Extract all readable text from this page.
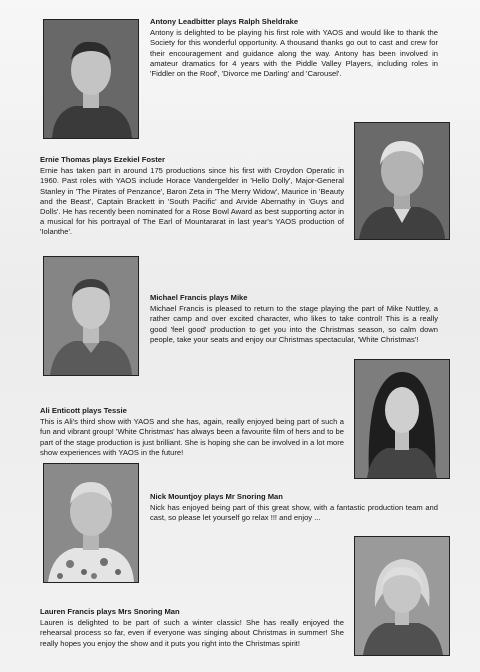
Antony Leadbitter plays Ralph Sheldrake
Antony is delighted to be playing his first role with YAOS and would like to thank the Society for this wonderful opportunity. A thousand thanks go out to cast and crew for their encouragement and guidance along the way. Antony has been involved in amateur dramatics for 4 years with the Piddle Valley Players, including roles in 'Fiddler on the Roof', 'Divorce me Darling' and 'Carousel'.
Ernie Thomas plays Ezekiel Foster
Ernie has taken part in around 175 productions since his first with Croydon Operatic in 1960. Past roles with YAOS include Horace Vandergelder in 'Hello Dolly', Major-General Stanley in 'The Pirates of Penzance', Baron Zeta in 'The Merry Widow', Maurice in 'Beauty and the Beast', Captain Brackett in 'South Pacific' and Arvide Abernathy in 'Guys and Dolls'. He has recently been nominated for a Rose Bowl Award as best supporting actor in a musical for his portrayal of The Earl of Mountararat in last year's YAOS production of 'Iolanthe'.
Michael Francis plays Mike
Michael Francis is pleased to return to the stage playing the part of Mike Nuttley, a rather camp and over excited character, who likes to take control! This is a really good 'feel good' production to get you into the Christmas season, so calm down people, take your seats and enjoy our Christmas spectacular, 'White Christmas'!
Ali Enticott plays Tessie
This is Ali's third show with YAOS and she has, again, really enjoyed being part of such a fun and vibrant group! 'White Christmas' has always been a favourite film of hers and to be part of the stage production is just brilliant. She is hoping she can be involved in a lot more show experiences with YAOS in the future!
Nick Mountjoy plays Mr Snoring Man
Nick has enjoyed being part of this great show, with a fantastic production team and cast, so please let yourself go relax !!! and enjoy ...
Lauren Francis plays Mrs Snoring Man
Lauren is delighted to be part of such a winter classic! She has really enjoyed the rehearsal process so far, even if everyone was singing about Christmas in summer! She really hopes you enjoy the show and it puts you right into the Christmas spirit!
